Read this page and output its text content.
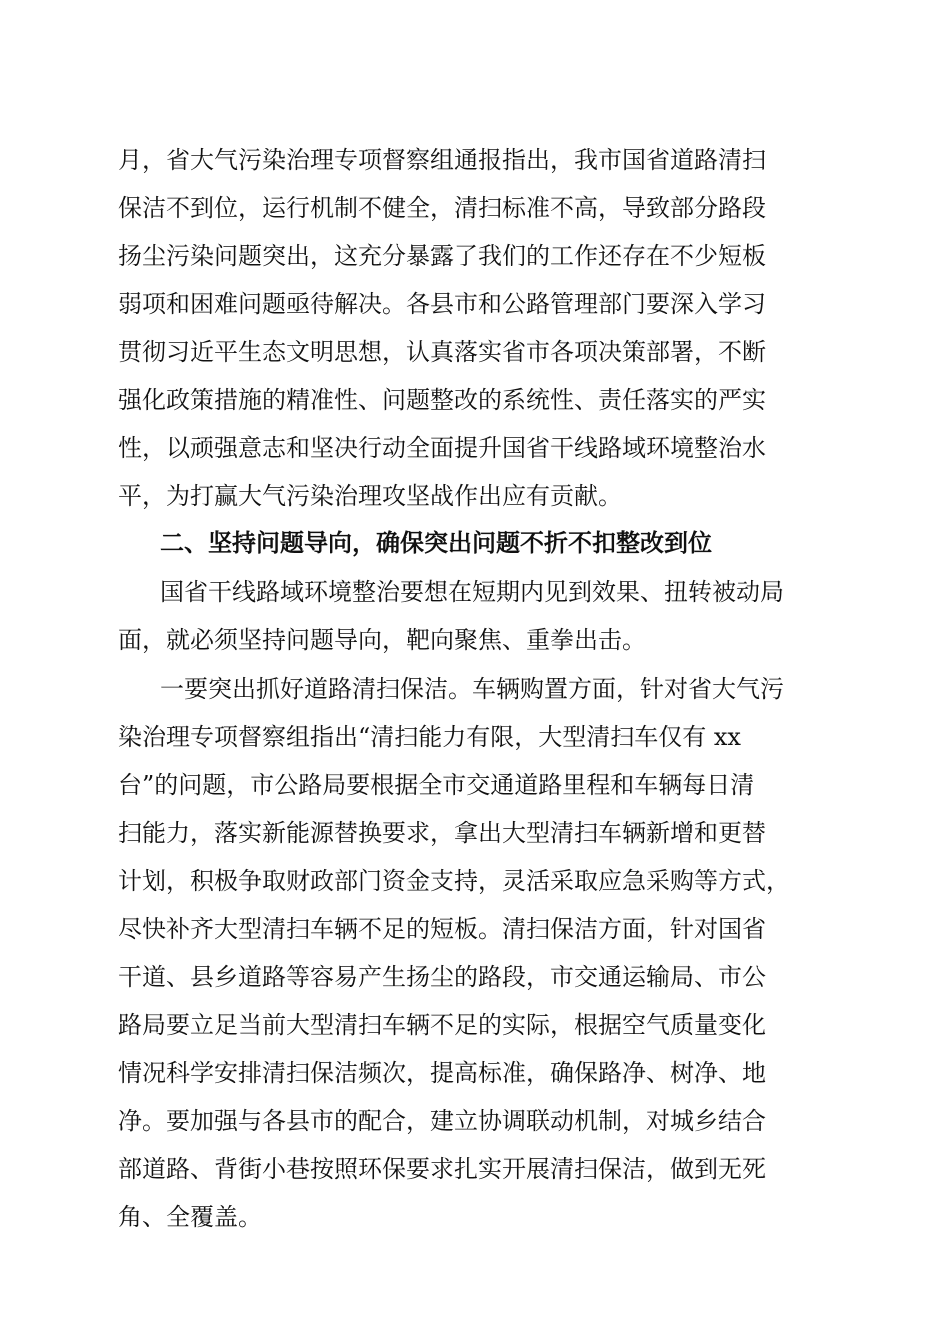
月，省大气污染治理专项督察组通报指出，我市国省道路清扫
保洁不到位，运行机制不健全，清扫标准不高，导致部分路段
扬尘污染问题突出，这充分暴露了我们的工作还存在不少短板
弱项和困难问题亟待解决。各县市和公路管理部门要深入学习
贯彻习近平生态文明思想，认真落实省市各项决策部署，不断
强化政策措施的精准性、问题整改的系统性、责任落实的严实
性，以顽强意志和坚决行动全面提升国省干线路域环境整治水
平，为打赢大气污染治理攻坚战作出应有贡献。
二、坚持问题导向，确保突出问题不折不扣整改到位
国省干线路域环境整治要想在短期内见到效果、扭转被动局
面，就必须坚持问题导向，靶向聚焦、重拳出击。
一要突出抓好道路清扫保洁。车辆购置方面，针对省大气污
染治理专项督察组指出“清扫能力有限，大型清扫车仅有 xx
台”的问题，市公路局要根据全市交通道路里程和车辆每日清
扫能力，落实新能源替换要求，拿出大型清扫车辆新增和更替
计划，积极争取财政部门资金支持，灵活采取应急采购等方式，
尽快补齐大型清扫车辆不足的短板。清扫保洁方面，针对国省
干道、县乡道路等容易产生扬尘的路段，市交通运输局、市公
路局要立足当前大型清扫车辆不足的实际，根据空气质量变化
情况科学安排清扫保洁频次，提高标准，确保路净、树净、地
净。要加强与各县市的配合，建立协调联动机制，对城乡结合
部道路、背街小巷按照环保要求扎实开展清扫保洁，做到无死
角、全覆盖。
